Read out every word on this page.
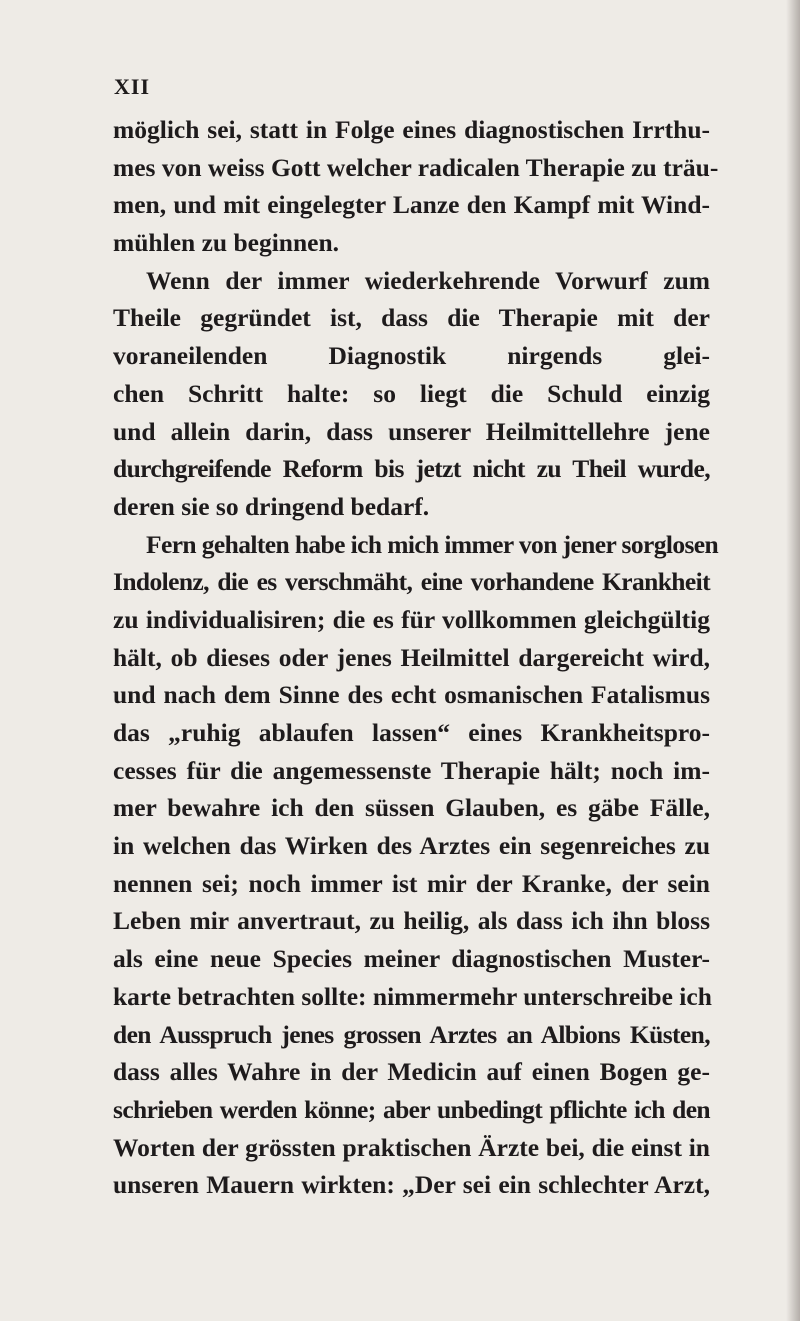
XII

möglich sei, statt in Folge eines diagnostischen Irrthu-
mes von weiss Gott welcher radicalen Therapie zu träu-
men, und mit eingelegter Lanze den Kampf mit Wind-
mühlen zu beginnen.
Wenn der immer wiederkehrende Vorwurf zum
Theile gegründet ist, dass die Therapie mit der
voraneilenden Diagnostik nirgends glei-
chen Schritt halte: so liegt die Schuld einzig
und allein darin, dass unserer Heilmittellehre jene
durchgreifende Reform bis jetzt nicht zu Theil wurde,
deren sie so dringend bedarf.
Fern gehalten habe ich mich immer von jener sorglosen
Indolenz, die es verschmäht, eine vorhandene Krankheit
zu individualisiren; die es für vollkommen gleichgültig
hält, ob dieses oder jenes Heilmittel dargereicht wird,
und nach dem Sinne des echt osmanischen Fatalismus
das „ruhig ablaufen lassen“ eines Krankheitspro-
cesses für die angemessenste Therapie hält; noch im-
mer bewahre ich den süssen Glauben, es gäbe Fälle,
in welchen das Wirken des Arztes ein segenreiches zu
nennen sei; noch immer ist mir der Kranke, der sein
Leben mir anvertraut, zu heilig, als dass ich ihn bloss
als eine neue Species meiner diagnostischen Muster-
karte betrachten sollte: nimmermehr unterschreibe ich
den Ausspruch jenes grossen Arztes an Albions Küsten,
dass alles Wahre in der Medicin auf einen Bogen ge-
schrieben werden könne; aber unbedingt pflichte ich den
Worten der grössten praktischen Ärzte bei, die einst in
unseren Mauern wirkten: „Der sei ein schlechter Arzt,
